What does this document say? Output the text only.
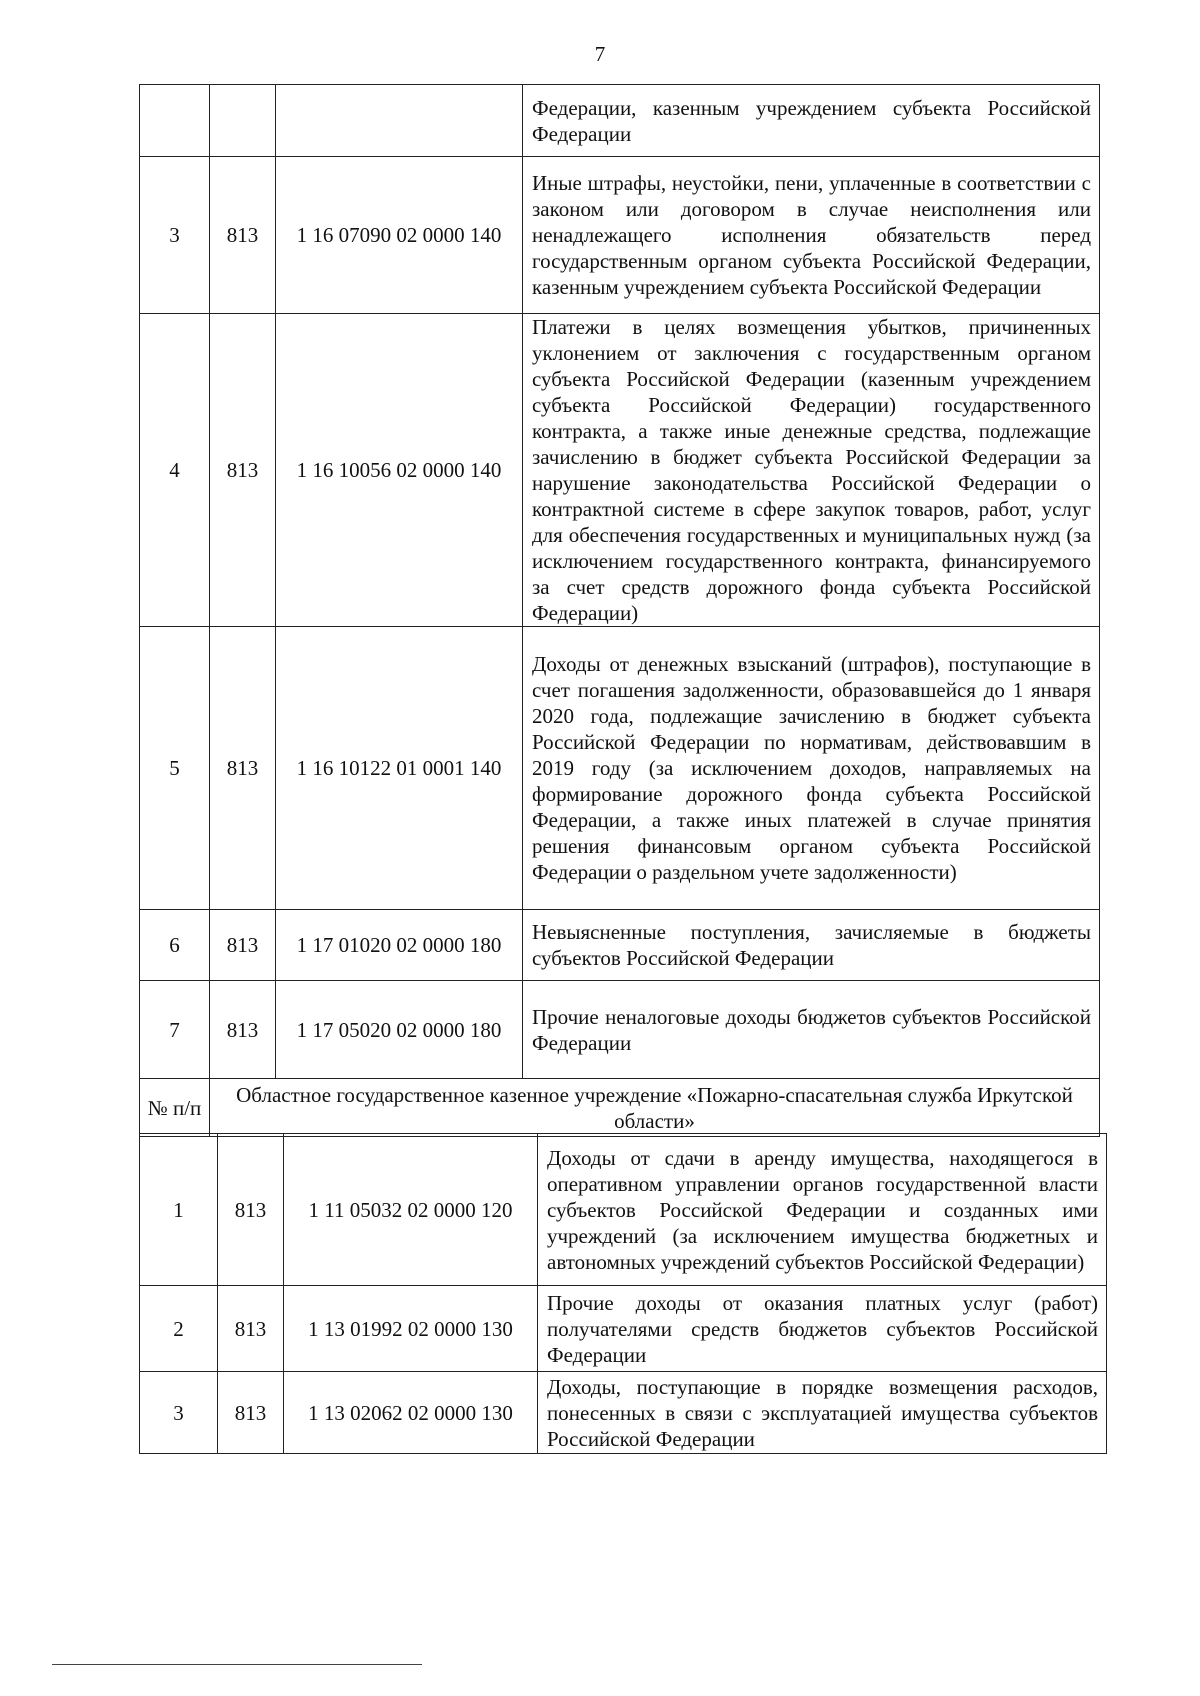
7
			Федерации, казенным учреждением субъекта Российской Федерации
3	813	1 16 07090 02 0000 140	Иные штрафы, неустойки, пени, уплаченные в соответствии с законом или договором в случае неисполнения или ненадлежащего исполнения обязательств перед государственным органом субъекта Российской Федерации, казенным учреждением субъекта Российской Федерации
4	813	1 16 10056 02 0000 140	Платежи в целях возмещения убытков, причиненных уклонением от заключения с государственным органом субъекта Российской Федерации (казенным учреждением субъекта Российской Федерации) государственного контракта, а также иные денежные средства, подлежащие зачислению в бюджет субъекта Российской Федерации за нарушение законодательства Российской Федерации о контрактной системе в сфере закупок товаров, работ, услуг для обеспечения государственных и муниципальных нужд (за исключением государственного контракта, финансируемого за счет средств дорожного фонда субъекта Российской Федерации)
5	813	1 16 10122 01 0001 140	Доходы от денежных взысканий (штрафов), поступающие в счет погашения задолженности, образовавшейся до 1 января 2020 года, подлежащие зачислению в бюджет субъекта Российской Федерации по нормативам, действовавшим в 2019 году (за исключением доходов, направляемых на формирование дорожного фонда субъекта Российской Федерации, а также иных платежей в случае принятия решения финансовым органом субъекта Российской Федерации о раздельном учете задолженности)
6	813	1 17 01020 02 0000 180	Невыясненные поступления, зачисляемые в бюджеты субъектов Российской Федерации
7	813	1 17 05020 02 0000 180	Прочие неналоговые доходы бюджетов субъектов Российской Федерации
№ п/п	Областное государственное казенное учреждение «Пожарно-спасательная служба Иркутской области»		
1	813	1 11 05032 02 0000 120	Доходы от сдачи в аренду имущества, находящегося в оперативном управлении органов государственной власти субъектов Российской Федерации и созданных ими учреждений (за исключением имущества бюджетных и автономных учреждений субъектов Российской Федерации)
2	813	1 13 01992 02 0000 130	Прочие доходы от оказания платных услуг (работ) получателями средств бюджетов субъектов Российской Федерации
3	813	1 13 02062 02 0000 130	Доходы, поступающие в порядке возмещения расходов, понесенных в связи с эксплуатацией имущества субъектов Российской Федерации
